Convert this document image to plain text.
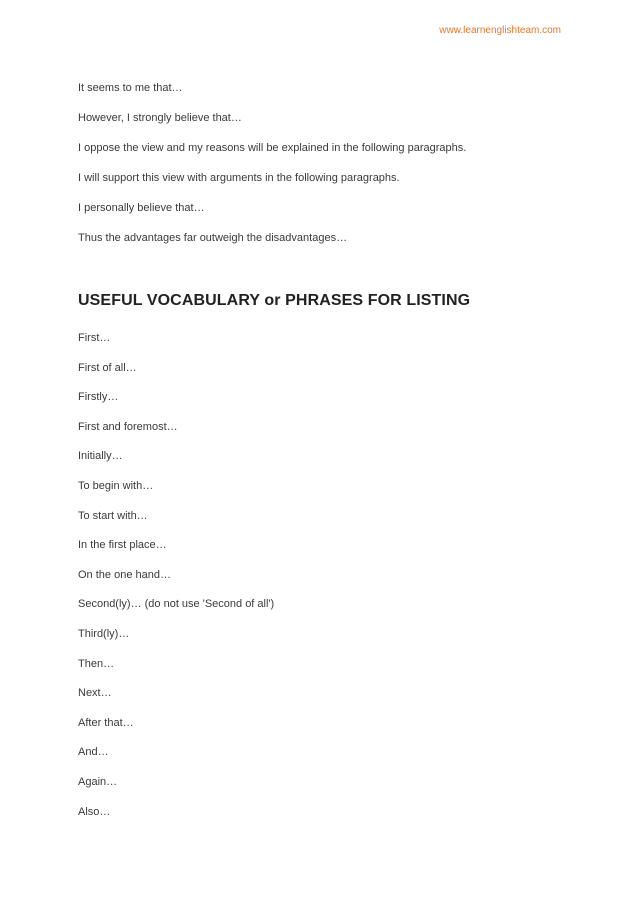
www.learnenglishteam.com

It seems to me that…

However, I strongly believe that…

I oppose the view and my reasons will be explained in the following paragraphs.

I will support this view with arguments in the following paragraphs.

I personally believe that…

Thus the advantages far outweigh the disadvantages…

USEFUL VOCABULARY or PHRASES FOR LISTING

First…

First of all…

Firstly…

First and foremost…

Initially…

To begin with…

To start with…

In the first place…

On the one hand…

Second(ly)… (do not use 'Second of all')

Third(ly)…

Then…

Next…

After that…

And…

Again…

Also…
